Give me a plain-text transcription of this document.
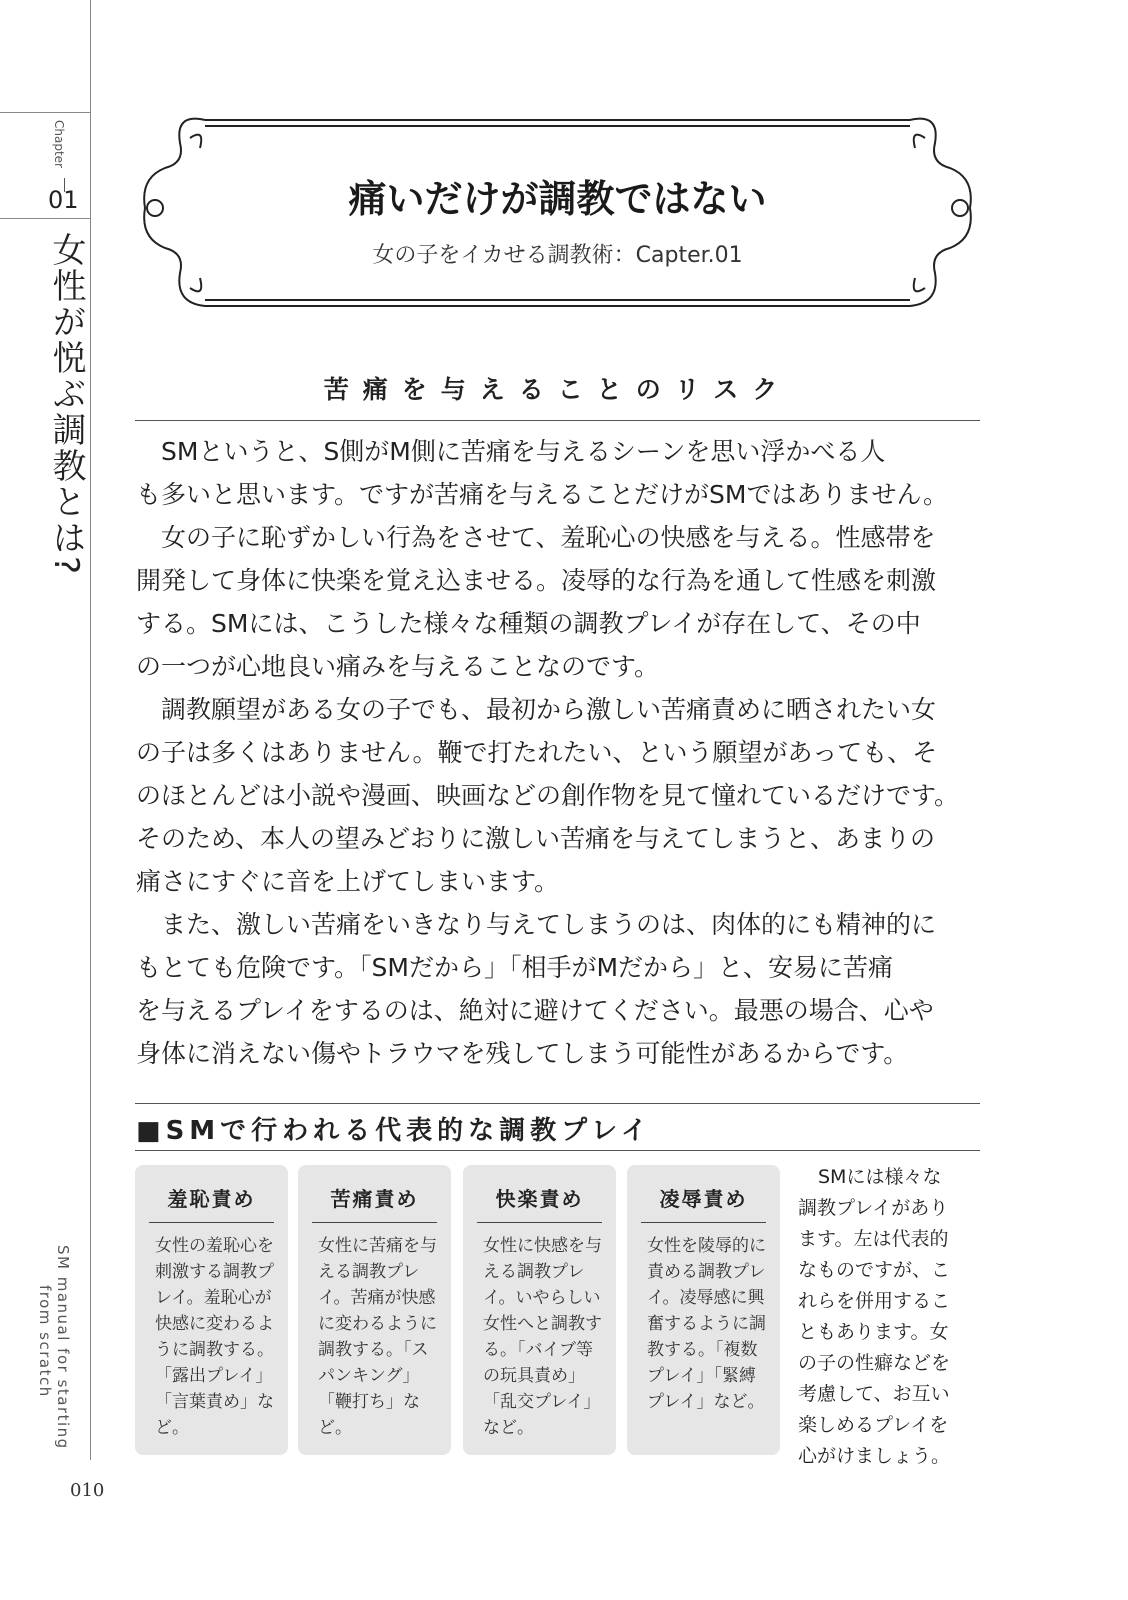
Chapter
01
女性が悦ぶ調教とは?
SM manual for starting
from scratch
010
痛いだけが調教ではない
女の子をイカせる調教術：Capter.01
苦痛を与えることのリスク
SMというと、S側がM側に苦痛を与えるシーンを思い浮かべる人
も多いと思います。ですが苦痛を与えることだけがSMではありません。
女の子に恥ずかしい行為をさせて、羞恥心の快感を与える。性感帯を
開発して身体に快楽を覚え込ませる。凌辱的な行為を通して性感を刺激
する。SMには、こうした様々な種類の調教プレイが存在して、その中
の一つが心地良い痛みを与えることなのです。
調教願望がある女の子でも、最初から激しい苦痛責めに晒されたい女
の子は多くはありません。鞭で打たれたい、という願望があっても、そ
のほとんどは小説や漫画、映画などの創作物を見て憧れているだけです。
そのため、本人の望みどおりに激しい苦痛を与えてしまうと、あまりの
痛さにすぐに音を上げてしまいます。
また、激しい苦痛をいきなり与えてしまうのは、肉体的にも精神的に
もとても危険です。「SMだから」「相手がMだから」と、安易に苦痛
を与えるプレイをするのは、絶対に避けてください。最悪の場合、心や
身体に消えない傷やトラウマを残してしまう可能性があるからです。
■SMで行われる代表的な調教プレイ
羞恥責め

女性の羞恥心を刺激する調教プレイ。羞恥心が快感に変わるように調教する。「露出プレイ」「言葉責め」など。

苦痛責め

女性に苦痛を与える調教プレイ。苦痛が快感に変わるように調教する。「スパンキング」「鞭打ち」など。

快楽責め

女性に快感を与える調教プレイ。いやらしい女性へと調教する。「バイブ等の玩具責め」「乱交プレイ」など。

凌辱責め

女性を陵辱的に責める調教プレイ。凌辱感に興奮するように調教する。「複数プレイ」「緊縛プレイ」など。

SMには様々な
調教プレイがあり
ます。左は代表的
なものですが、こ
れらを併用するこ
ともあります。女
の子の性癖などを
考慮して、お互い
楽しめるプレイを
心がけましょう。
